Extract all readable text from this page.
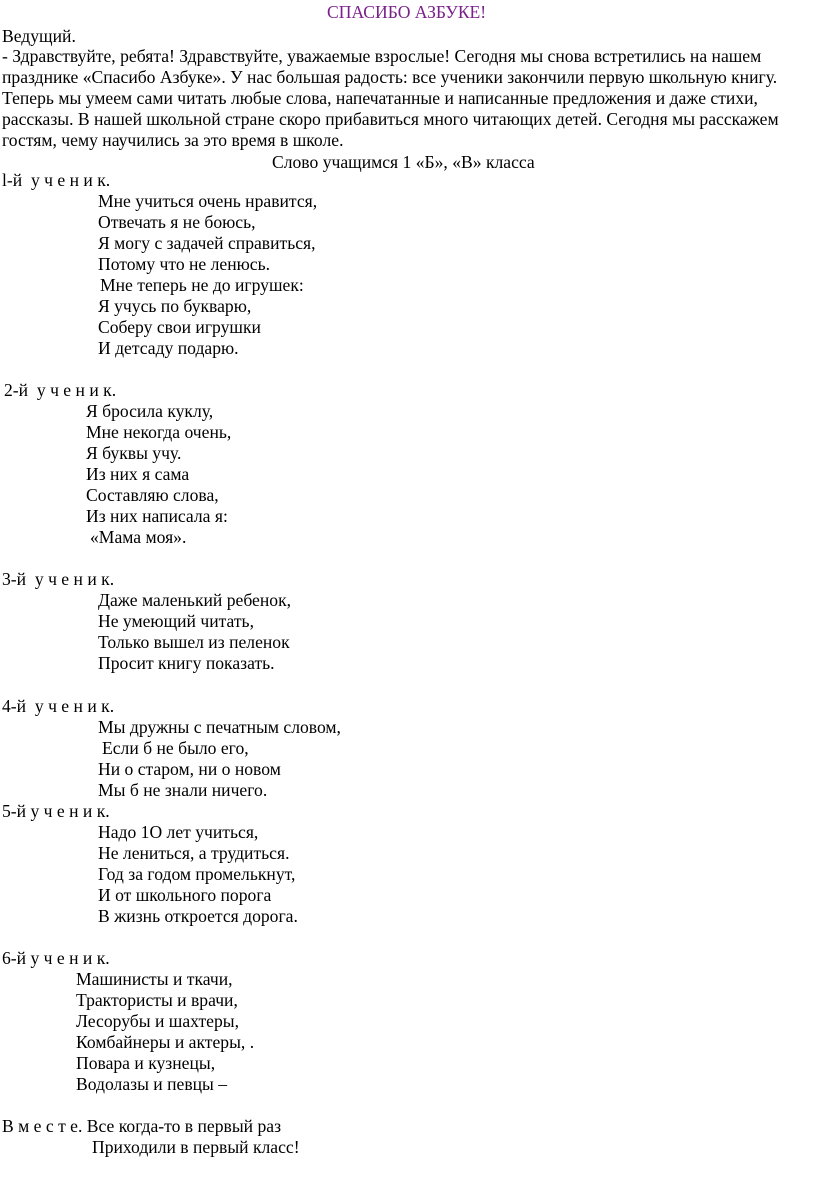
СПАСИБО АЗБУКЕ!
Ведущий.
- Здравствуйте, ребята! Здравствуйте, уважаемые взрослые! Сегодня мы снова встретились на нашем
празднике «Спасибо Азбуке». У нас большая радость: все ученики закончили первую школьную книгу.
Теперь мы умеем сами читать любые слова, напечатанные и написанные предложения и даже стихи,
рассказы. В нашей школьной стране скоро прибавиться много читающих детей. Сегодня мы расскажем
гостям, чему научились за это время в школе.
Слово учащимся 1 «Б», «В» класса
l-й  у ч е н и к.
Мне учиться очень нравится,
Отвечать я не боюсь,
Я могу с задачей справиться,
Потому что не ленюсь.
Мне теперь не до игрушек:
Я учусь по букварю,
Соберу свои игрушки
И детсаду подарю.
2-й  у ч е н и к.
Я бросила куклу,
Мне некогда очень,
Я буквы учу.
Из них я сама
Составляю слова,
Из них написала я:
«Мама моя».
3-й  у ч е н и к.
Даже маленький ребенок,
Не умеющий читать,
Только вышел из пеленок
Просит книгу показать.
4-й  у ч е н и к.
Мы дружны с печатным словом,
Если б не было его,
Ни о старом, ни о новом
Мы б не знали ничего.
5-й у ч е н и к.
Надо 1О лет учиться,
Не лениться, а трудиться.
Год за годом промелькнут,
И от школьного порога
В жизнь откроется дорога.
6-й у ч е н и к.
Машинисты и ткачи,
Трактористы и врачи,
Лесорубы и шахтеры,
Комбайнеры и актеры, .
Повара и кузнецы,
Водолазы и певцы –
В м е с т е. Все когда-то в первый раз
Приходили в первый класс!
